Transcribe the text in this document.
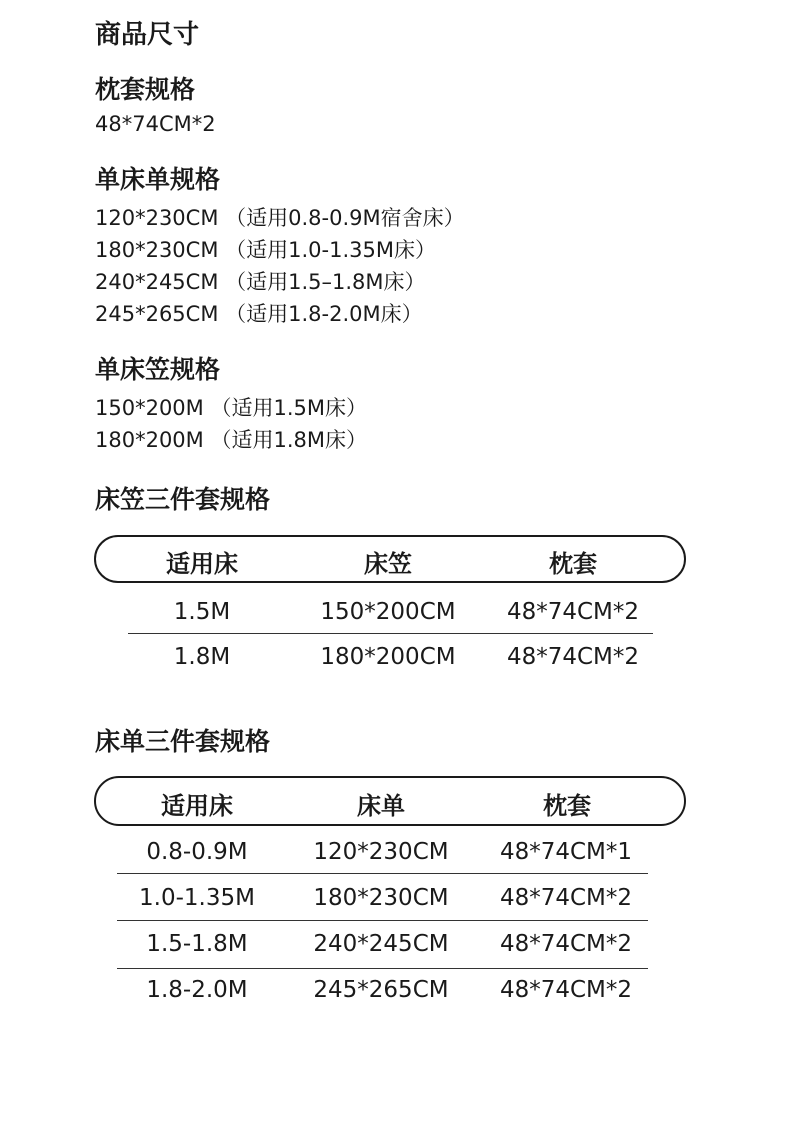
商品尺寸
枕套规格
48*74CM*2
单床单规格
120*230CM （适用0.8-0.9M宿舍床）
180*230CM （适用1.0-1.35M床）
240*245CM （适用1.5–1.8M床）
245*265CM （适用1.8-2.0M床）
单床笠规格
150*200M （适用1.5M床）
180*200M （适用1.8M床）
床笠三件套规格
适用床	床笠	枕套
1.5M	150*200CM	48*74CM*2
1.8M	180*200CM	48*74CM*2
床单三件套规格
适用床	床单	枕套
0.8-0.9M	120*230CM	48*74CM*1
1.0-1.35M	180*230CM	48*74CM*2
1.5-1.8M	240*245CM	48*74CM*2
1.8-2.0M	245*265CM	48*74CM*2
